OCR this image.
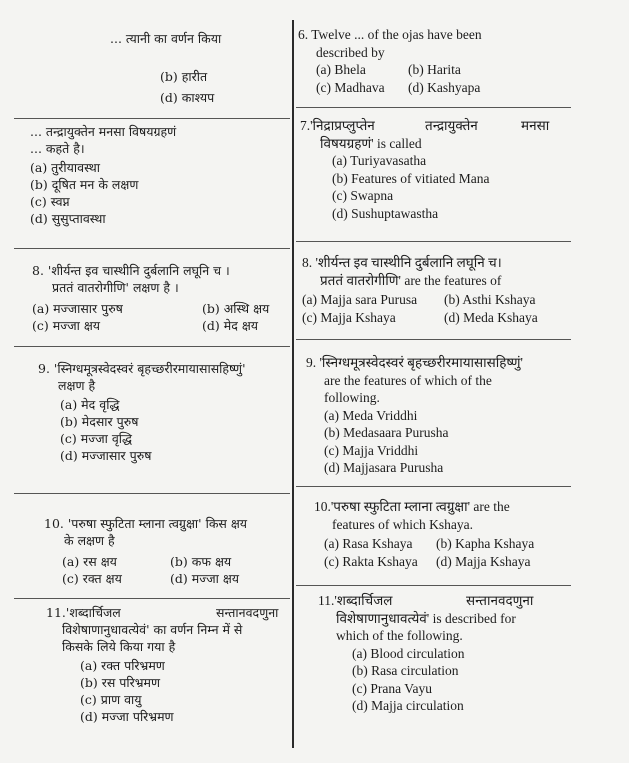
... त्यानी का वर्णन किया

(b) हारीत
(d) काश्यप

... तन्द्रायुक्तेन मनसा विषयग्रहणं

... कहते है।

(a) तुरीयावस्था
(b) दूषित मन के लक्षण
(c) स्वप्न
(d) सुसुप्तावस्था

8. 'शीर्यन्त इव चास्थीनि दुर्बलानि लघूनि च ।

प्रततं वातरोगीणि' लक्षण है ।

(a) मज्जासार पुरुष	(b) अस्थि क्षय
(c) मज्जा क्षय	(d) मेद क्षय

9. 'स्निग्धमूत्रस्वेदस्वरं बृहच्छरीरमायासासहिष्णुं'

लक्षण है

(a) मेद वृद्धि
(b) मेदसार पुरुष
(c) मज्जा वृद्धि
(d) मज्जासार पुरुष

10. 'परुषा स्फुटिता म्लाना त्वग्रुक्षा' किस क्षय

के लक्षण है

(a) रस क्षय	(b) कफ क्षय
(c) रक्त क्षय	(d) मज्जा क्षय
11.'शब्दार्चिजल	सन्तानवदणुना

विशेषाणानुधावत्येवं' का वर्णन निम्न में से

किसके लिये किया गया है

(a) रक्त परिभ्रमण
(b) रस परिभ्रमण
(c) प्राण वायु
(d) मज्जा परिभ्रमण

6. Twelve ... of the ojas have been

described by

(a) Bhela	(b) Harita
(c) Madhava	(d) Kashyapa
7.'निद्राप्रप्लुप्तेन	तन्द्रायुक्तेन	मनसा

विषयग्रहणं' is called

(a) Turiyavasatha
(b) Features of vitiated Mana
(c) Swapna
(d) Sushuptawastha

8. 'शीर्यन्त इव चास्थीनि दुर्बलानि लघूनि च।

प्रततं वातरोगीणि' are the features of

(a) Majja sara Purusa	(b) Asthi Kshaya
(c) Majja Kshaya	(d) Meda Kshaya

9. 'स्निग्धमूत्रस्वेदस्वरं बृहच्छरीरमायासासहिष्णुं'

are the features of which of the

following.

(a) Meda Vriddhi
(b) Medasaara Purusha
(c) Majja Vriddhi
(d) Majjasara Purusha

10.'परुषा स्फुटिता म्लाना त्वग्रुक्षा' are the

features of which Kshaya.

(a) Rasa Kshaya	(b) Kapha Kshaya
(c) Rakta Kshaya	(d) Majja Kshaya
11.'शब्दार्चिजल	सन्तानवदणुना

विशेषाणानुधावत्येवं' is described for

which of the following.

(a) Blood circulation
(b) Rasa circulation
(c) Prana Vayu
(d) Majja circulation
